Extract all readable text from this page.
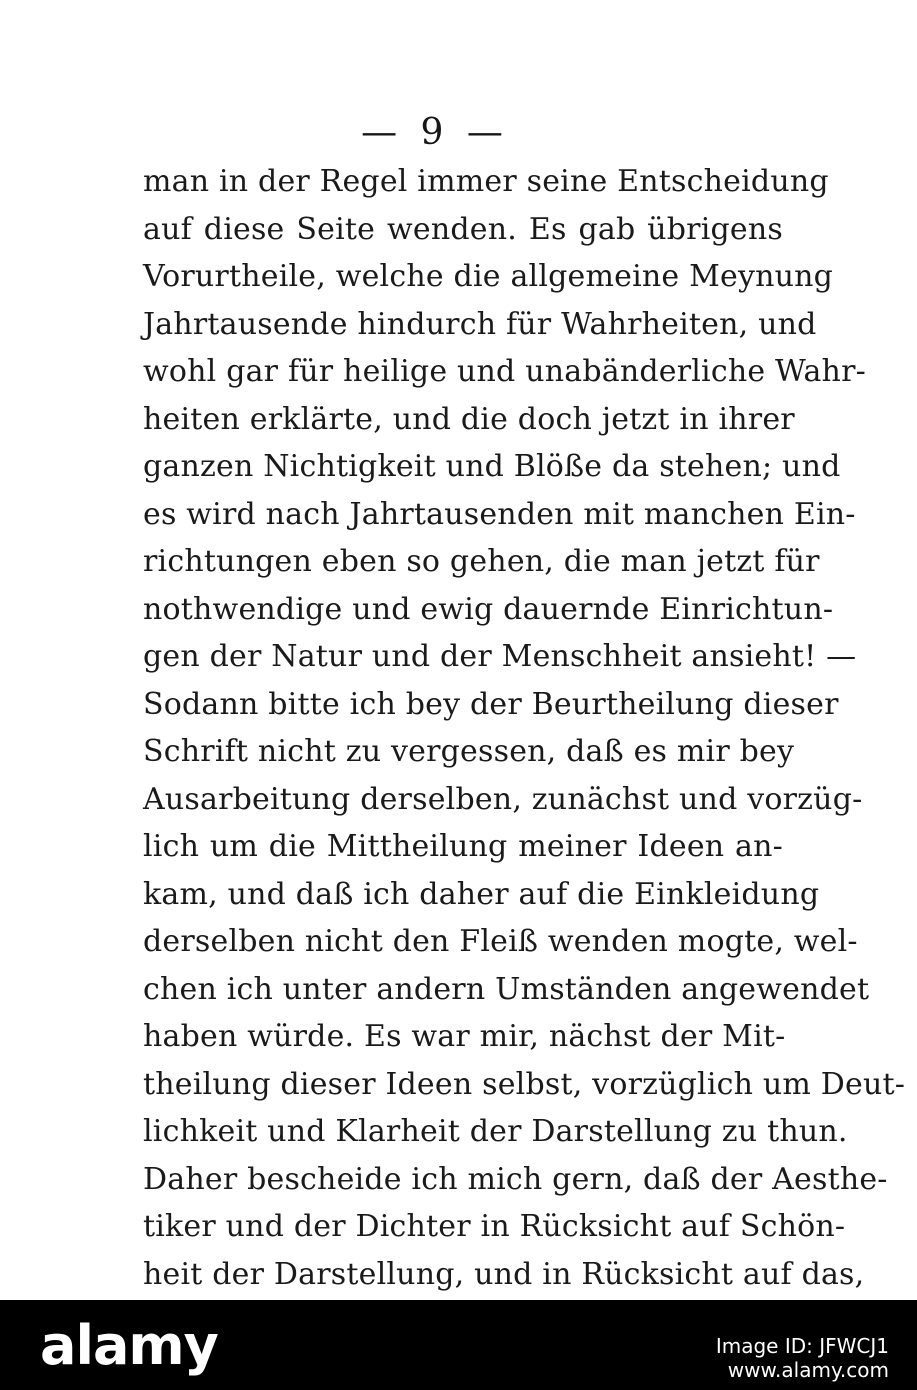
— 9 —
man in der Regel immer seine Entscheidung
auf diese Seite wenden. Es gab übrigens
Vorurtheile, welche die allgemeine Meynung
Jahrtausende hindurch für Wahrheiten, und
wohl gar für heilige und unabänderliche Wahr-
heiten erklärte, und die doch jetzt in ihrer
ganzen Nichtigkeit und Blöße da stehen; und
es wird nach Jahrtausenden mit manchen Ein-
richtungen eben so gehen, die man jetzt für
nothwendige und ewig dauernde Einrichtun-
gen der Natur und der Menschheit ansieht! —
Sodann bitte ich bey der Beurtheilung dieser
Schrift nicht zu vergessen, daß es mir bey
Ausarbeitung derselben, zunächst und vorzüg-
lich um die Mittheilung meiner Ideen an-
kam, und daß ich daher auf die Einkleidung
derselben nicht den Fleiß wenden mogte, wel-
chen ich unter andern Umständen angewendet
haben würde. Es war mir, nächst der Mit-
theilung dieser Ideen selbst, vorzüglich um Deut-
lichkeit und Klarheit der Darstellung zu thun.
Daher bescheide ich mich gern, daß der Aesthe-
tiker und der Dichter in Rücksicht auf Schön-
heit der Darstellung, und in Rücksicht auf das,
alamy	Image ID: JFWCJ1
www.alamy.com
